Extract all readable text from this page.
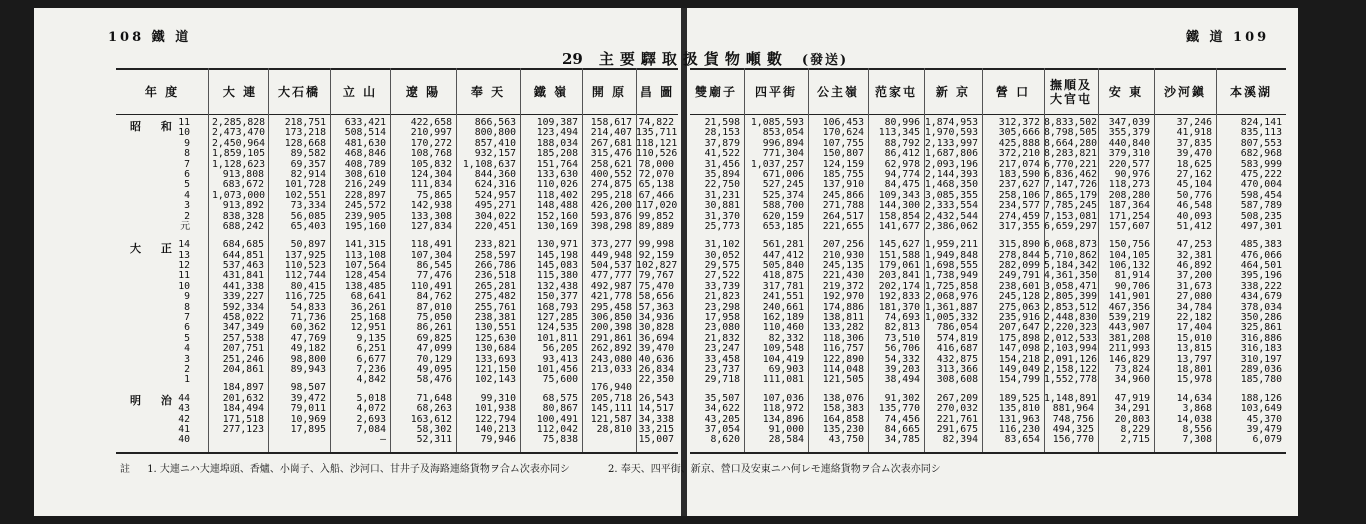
108 鐵 道	鐵 道 109
29 主要驛取扱貨物噸數 (發送)
年 度
昭 和
大 正
明 治
11
10
9
8
7
6
5
4
3
2
元
14
13
12
11
10
9
8
7
6
5
4
3
2
1
44
43
42
41
40
大 連
2,285,828
2,473,470
2,450,964
1,859,105
1,128,623
913,808
683,672
1,073,000
913,892
838,328
688,242
684,685
644,851
537,463
431,841
441,338
339,227
592,334
458,022
347,349
257,538
207,751
251,246
204,861
184,897
201,632
184,494
171,518
277,123
大石橋
218,751
173,218
128,668
89,582
69,357
82,914
101,728
102,551
73,334
56,085
65,403
50,897
137,925
110,523
112,744
80,415
116,725
54,833
71,736
60,362
47,769
49,182
98,800
89,943
98,507
39,472
79,011
10,969
17,895
立 山
633,421
508,514
481,630
468,846
408,789
308,610
216,249
228,897
245,572
239,905
195,160
141,315
113,108
107,564
128,454
138,485
68,641
36,261
25,168
12,951
9,135
6,251
6,677
7,236
4,842
5,018
4,072
2,693
7,084
—
遼 陽
422,658
210,997
170,272
108,768
105,832
124,304
111,834
75,865
142,938
133,308
127,834
118,491
107,304
86,545
77,476
110,491
84,762
87,010
75,050
86,261
69,825
47,099
70,129
49,095
58,476
71,648
68,263
163,612
58,302
52,311
奉 天
866,563
800,800
857,410
932,157
1,108,637
844,360
624,316
524,957
495,271
304,022
220,451
233,821
258,597
266,786
236,518
265,281
275,482
255,761
238,381
130,551
125,630
130,684
133,693
121,150
102,143
99,310
101,938
122,794
140,213
79,946
鐵 嶺
109,387
123,494
188,034
185,208
151,764
133,630
110,026
118,402
148,488
152,160
130,169
130,971
145,198
145,083
115,380
132,438
150,377
168,793
127,285
124,535
101,811
56,205
93,413
101,456
75,600
68,575
80,867
100,491
112,042
75,838
開 原
158,617
214,407
267,681
315,476
258,621
400,552
274,875
295,218
426,200
593,876
398,298
373,277
449,948
504,537
477,777
492,987
421,778
295,458
306,850
200,398
291,861
262,892
243,080
213,033
176,940
205,718
145,111
121,587
28,810
昌 圖
74,822
135,711
118,121
110,526
78,000
72,070
65,138
67,466
117,020
99,852
89,889
99,998
92,159
102,827
79,767
75,470
58,656
57,363
34,936
30,828
36,694
39,470
40,636
26,834
22,350
26,543
14,517
34,338
33,215
15,007
雙廟子
21,598
28,153
37,879
41,522
31,456
35,894
22,750
31,231
30,881
31,370
25,773
31,102
30,052
29,575
27,522
33,739
21,823
23,298
17,958
23,080
21,832
23,247
33,458
23,737
29,718
35,507
34,622
43,205
37,054
8,620
四平街
1,085,593
853,054
996,894
771,304
1,037,257
671,006
527,245
525,374
588,700
620,159
653,185
561,281
447,412
505,840
418,875
317,781
241,551
240,661
162,189
110,460
82,332
109,548
104,419
69,903
111,081
107,036
118,972
134,896
91,000
28,584
公主嶺
106,453
170,624
107,755
150,807
124,159
185,755
137,910
245,866
271,788
264,517
221,655
207,256
210,930
245,135
221,430
219,372
192,970
174,886
138,811
133,282
118,306
116,757
122,890
114,048
121,505
138,076
158,383
164,858
135,230
43,750
范家屯
80,996
113,345
88,792
86,412
62,978
94,774
84,475
109,343
144,300
158,854
141,677
145,627
151,588
179,061
203,841
202,174
192,833
181,370
74,693
82,813
73,510
56,706
54,332
39,203
38,494
91,302
135,770
74,456
84,665
34,785
新 京
1,874,953
1,970,593
2,133,997
1,687,806
2,093,196
2,144,393
1,468,350
3,085,355
2,333,554
2,432,544
2,386,062
1,959,211
1,949,848
1,698,555
1,738,949
1,725,858
2,068,976
1,361,887
1,005,332
786,054
574,819
416,687
432,875
313,366
308,608
267,209
270,032
221,761
291,675
82,394
營 口
312,372
305,666
425,888
372,210
217,074
183,590
237,627
258,106
234,577
274,459
317,355
315,890
278,844
282,099
249,791
238,601
245,128
275,063
235,916
207,647
175,898
147,098
154,218
149,049
154,799
189,525
135,810
131,963
116,230
83,654
撫順及
大官屯
8,833,502
8,798,505
8,664,280
8,283,821
6,770,221
6,836,462
7,147,726
7,865,179
7,785,245
7,153,081
6,659,297
6,068,873
5,710,862
5,184,342
4,361,350
3,058,471
2,805,399
2,853,512
2,448,830
2,220,323
2,012,533
2,103,994
2,091,126
2,158,122
1,552,778
1,148,891
881,964
748,756
494,325
156,770
安 東
347,039
355,379
440,840
379,310
220,577
90,976
118,273
208,280
187,364
171,254
157,607
150,756
104,105
106,132
81,914
90,706
141,901
467,356
539,219
443,907
381,208
211,993
146,829
73,824
34,960
47,919
34,291
20,803
8,229
2,715
沙河鎭
37,246
41,918
37,835
39,470
18,625
27,162
45,104
50,776
46,548
40,093
51,412
47,253
32,381
46,892
37,200
31,673
27,080
34,784
22,182
17,404
15,010
13,815
13,797
18,801
15,978
14,634
3,868
14,038
8,556
7,308
本溪湖
824,141
835,113
807,553
682,968
583,999
475,222
470,004
598,454
587,789
508,235
497,301
485,383
476,066
464,501
395,196
338,222
434,679
378,034
350,286
325,861
316,886
316,183
310,197
289,036
185,780
188,126
103,649
45,370
39,479
6,079
註 1. 大連ニハ大連埠頭、香爐、小崗子、入船、沙河口、甘井子及海路連絡貨物ヲ合ム次表亦同シ	2. 奉天、四平街、新京、營口及安東ニハ何レモ連絡貨物ヲ合ム次表亦同シ
